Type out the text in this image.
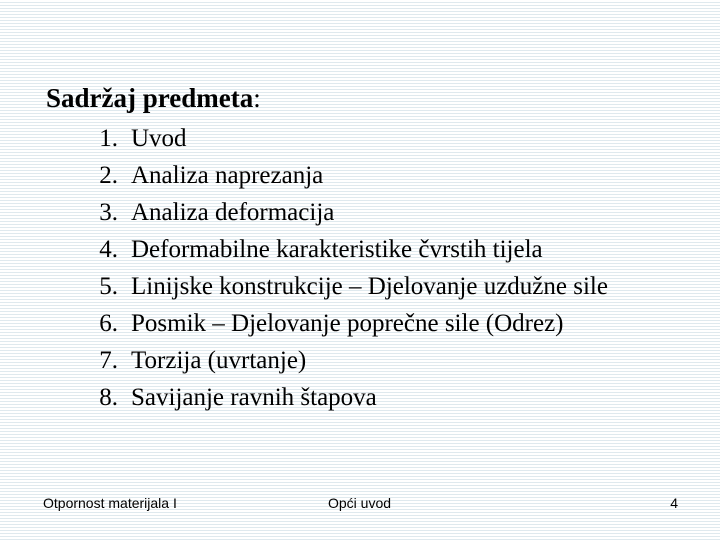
Sadržaj predmeta:
1. Uvod
2. Analiza naprezanja
3. Analiza deformacija
4. Deformabilne karakteristike čvrstih tijela
5. Linijske konstrukcije – Djelovanje uzdužne sile
6. Posmik – Djelovanje poprečne sile (Odrez)
7. Torzija (uvrtanje)
8. Savijanje ravnih štapova
Otpornost materijala I	Opći uvod	4
